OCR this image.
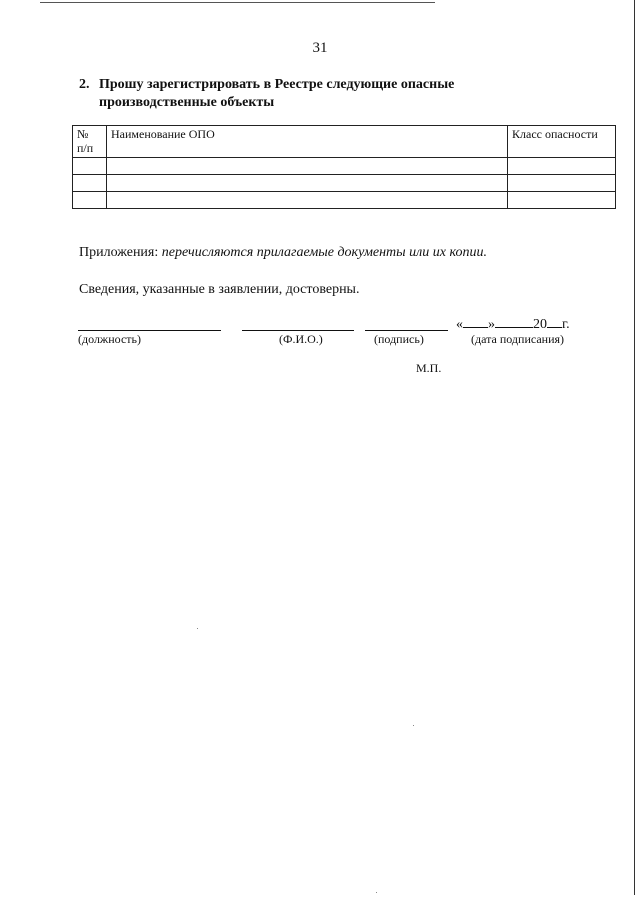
31
2. Прошу зарегистрировать в Реестре следующие опасные
производственные объекты
№
п/п	Наименование ОПО	Класс опасности

Приложения: перечисляются прилагаемые документы или их копии.
Сведения, указанные в заявлении, достоверны.
(должность)	(Ф.И.О.)	(подпись)	(дата подписания)
« »	20 г.
М.П.
